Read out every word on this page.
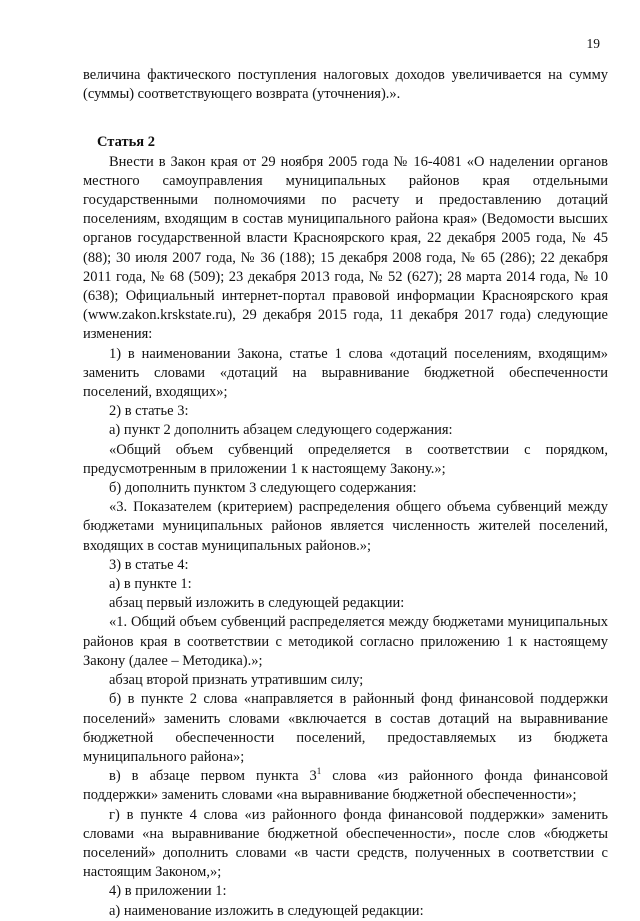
19

величина фактического поступления налоговых доходов увеличивается на сумму (суммы) соответствующего возврата (уточнения).».

Статья 2

Внести в Закон края от 29 ноября 2005 года № 16-4081 «О наделении органов местного самоуправления муниципальных районов края отдельными государственными полномочиями по расчету и предоставлению дотаций поселениям, входящим в состав муниципального района края» (Ведомости высших органов государственной власти Красноярского края, 22 декабря 2005 года, № 45 (88); 30 июля 2007 года, № 36 (188); 15 декабря 2008 года, № 65 (286); 22 декабря 2011 года, № 68 (509); 23 декабря 2013 года, № 52 (627); 28 марта 2014 года, № 10 (638); Официальный интернет-портал правовой информации Красноярского края (www.zakon.krskstate.ru), 29 декабря 2015 года, 11 декабря 2017 года) следующие изменения:

1) в наименовании Закона, статье 1 слова «дотаций поселениям, входящим» заменить словами «дотаций на выравнивание бюджетной обеспеченности поселений, входящих»;

2) в статье 3:

а) пункт 2 дополнить абзацем следующего содержания:

«Общий объем субвенций определяется в соответствии с порядком, предусмотренным в приложении 1 к настоящему Закону.»;

б) дополнить пунктом 3 следующего содержания:

«3. Показателем (критерием) распределения общего объема субвенций между бюджетами муниципальных районов является численность жителей поселений, входящих в состав муниципальных районов.»;

3) в статье 4:

а) в пункте 1:

абзац первый изложить в следующей редакции:

«1. Общий объем субвенций распределяется между бюджетами муниципальных районов края в соответствии с методикой согласно приложению 1 к настоящему Закону (далее – Методика).»;

абзац второй признать утратившим силу;

б) в пункте 2 слова «направляется в районный фонд финансовой поддержки поселений» заменить словами «включается в состав дотаций на выравнивание бюджетной обеспеченности поселений, предоставляемых из бюджета муниципального района»;

в) в абзаце первом пункта $3^1$ слова «из районного фонда финансовой поддержки» заменить словами «на выравнивание бюджетной обеспеченности»;

г) в пункте 4 слова «из районного фонда финансовой поддержки» заменить словами «на выравнивание бюджетной обеспеченности», после слов «бюджеты поселений» дополнить словами «в части средств, полученных в соответствии с настоящим Законом,»;

4) в приложении 1:

а) наименование изложить в следующей редакции:
